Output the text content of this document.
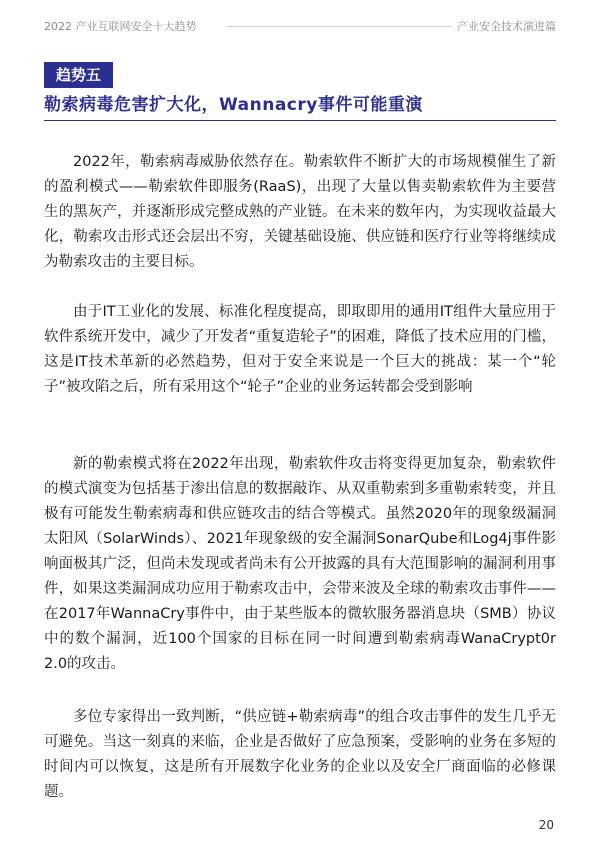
2022 产业互联网安全十大趋势	产业安全技术演进篇
趋势五
勒索病毒危害扩大化，Wannacry事件可能重演

2022年，勒索病毒威胁依然存在。勒索软件不断扩大的市场规模催生了新的盈利模式——勒索软件即服务(RaaS)，出现了大量以售卖勒索软件为主要营生的黑灰产，并逐渐形成完整成熟的产业链。在未来的数年内，为实现收益最大化，勒索攻击形式还会层出不穷，关键基础设施、供应链和医疗行业等将继续成为勒索攻击的主要目标。

由于IT工业化的发展、标准化程度提高，即取即用的通用IT组件大量应用于软件系统开发中，减少了开发者“重复造轮子”的困难，降低了技术应用的门槛，这是IT技术革新的必然趋势，但对于安全来说是一个巨大的挑战：某一个“轮子”被攻陷之后，所有采用这个“轮子”企业的业务运转都会受到影响

新的勒索模式将在2022年出现，勒索软件攻击将变得更加复杂，勒索软件的模式演变为包括基于渗出信息的数据敲诈、从双重勒索到多重勒索转变，并且极有可能发生勒索病毒和供应链攻击的结合等模式。虽然2020年的现象级漏洞太阳风（SolarWinds）、2021年现象级的安全漏洞SonarQube和Log4j事件影响面极其广泛，但尚未发现或者尚未有公开披露的具有大范围影响的漏洞利用事件，如果这类漏洞成功应用于勒索攻击中，会带来波及全球的勒索攻击事件——在2017年WannaCry事件中，由于某些版本的微软服务器消息块（SMB）协议中的数个漏洞，近100个国家的目标在同一时间遭到勒索病毒WanaCrypt0r 2.0的攻击。

多位专家得出一致判断，“供应链+勒索病毒”的组合攻击事件的发生几乎无可避免。当这一刻真的来临，企业是否做好了应急预案，受影响的业务在多短的时间内可以恢复，这是所有开展数字化业务的企业以及安全厂商面临的必修课题。

20
